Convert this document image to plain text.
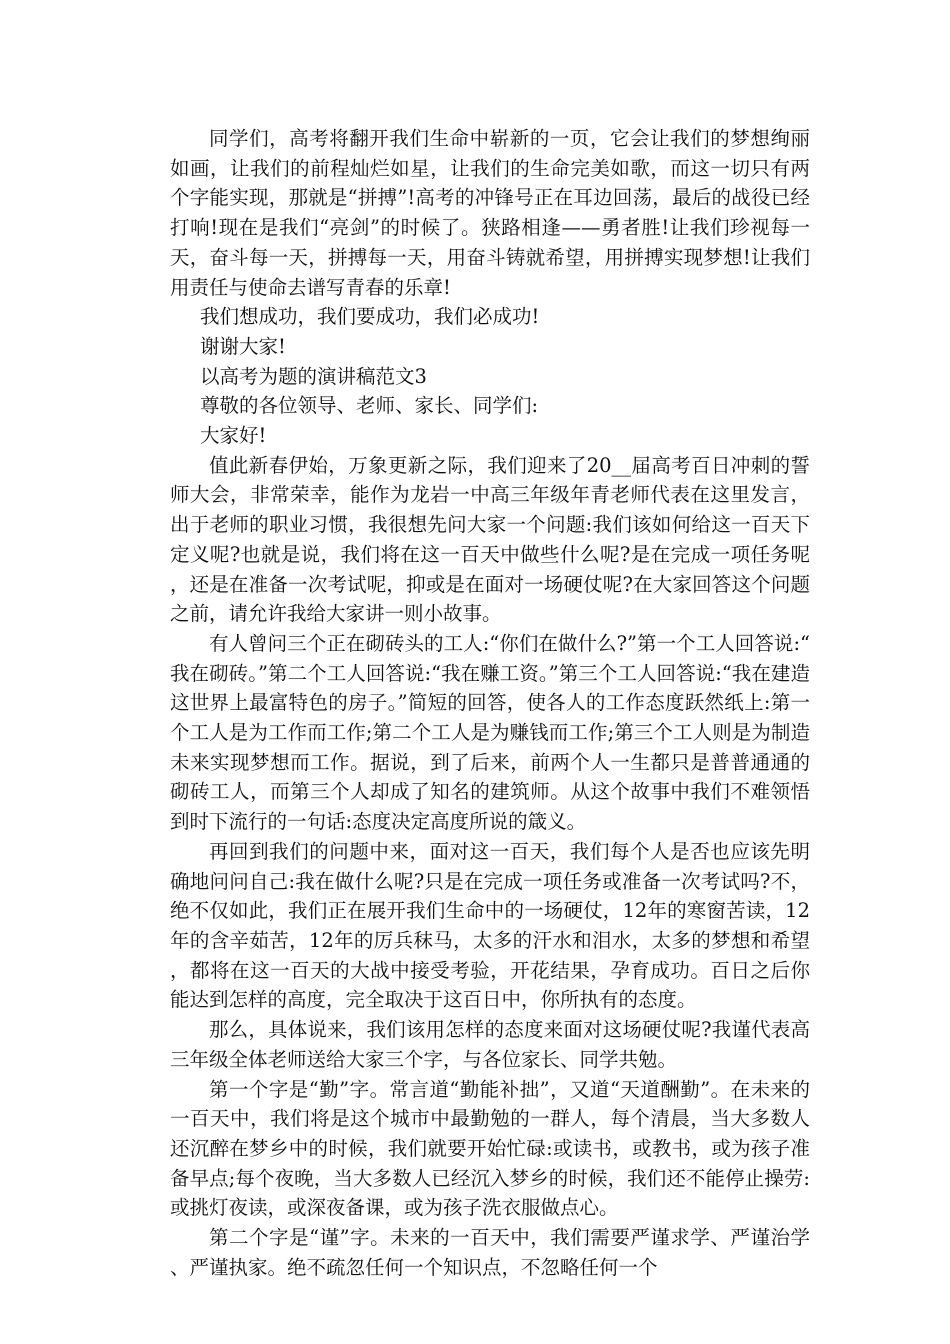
同学们，高考将翻开我们生命中崭新的一页，它会让我们的梦想绚丽如画，让我们的前程灿烂如星，让我们的生命完美如歌，而这一切只有两个字能实现，那就是“拼搏”!高考的冲锋号正在耳边回荡，最后的战役已经打响!现在是我们“亮剑”的时候了。狭路相逢——勇者胜!让我们珍视每一天，奋斗每一天，拼搏每一天，用奋斗铸就希望，用拼搏实现梦想!让我们用责任与使命去谱写青春的乐章!

我们想成功，我们要成功，我们必成功!

谢谢大家!

以高考为题的演讲稿范文3

尊敬的各位领导、老师、家长、同学们:

大家好!

值此新春伊始，万象更新之际，我们迎来了20__届高考百日冲刺的誓师大会，非常荣幸，能作为龙岩一中高三年级年青老师代表在这里发言，出于老师的职业习惯，我很想先问大家一个问题:我们该如何给这一百天下定义呢?也就是说，我们将在这一百天中做些什么呢?是在完成一项任务呢，还是在准备一次考试呢，抑或是在面对一场硬仗呢?在大家回答这个问题之前，请允许我给大家讲一则小故事。

有人曾问三个正在砌砖头的工人:“你们在做什么?”第一个工人回答说:“我在砌砖。”第二个工人回答说:“我在赚工资。”第三个工人回答说:“我在建造这世界上最富特色的房子。”简短的回答，使各人的工作态度跃然纸上:第一个工人是为工作而工作;第二个工人是为赚钱而工作;第三个工人则是为制造未来实现梦想而工作。据说，到了后来，前两个人一生都只是普普通通的砌砖工人，而第三个人却成了知名的建筑师。从这个故事中我们不难领悟到时下流行的一句话:态度决定高度所说的箴义。

再回到我们的问题中来，面对这一百天，我们每个人是否也应该先明确地问问自己:我在做什么呢?只是在完成一项任务或准备一次考试吗?不，绝不仅如此，我们正在展开我们生命中的一场硬仗，12年的寒窗苦读，12年的含辛茹苦，12年的厉兵秣马，太多的汗水和泪水，太多的梦想和希望，都将在这一百天的大战中接受考验，开花结果，孕育成功。百日之后你能达到怎样的高度，完全取决于这百日中，你所执有的态度。

那么，具体说来，我们该用怎样的态度来面对这场硬仗呢?我谨代表高三年级全体老师送给大家三个字，与各位家长、同学共勉。

第一个字是“勤”字。常言道“勤能补拙”，又道“天道酬勤”。在未来的一百天中，我们将是这个城市中最勤勉的一群人，每个清晨，当大多数人还沉醉在梦乡中的时候，我们就要开始忙碌:或读书，或教书，或为孩子准备早点;每个夜晚，当大多数人已经沉入梦乡的时候，我们还不能停止操劳:或挑灯夜读，或深夜备课，或为孩子洗衣服做点心。

第二个字是“谨”字。未来的一百天中，我们需要严谨求学、严谨治学、严谨执家。绝不疏忽任何一个知识点，不忽略任何一个
